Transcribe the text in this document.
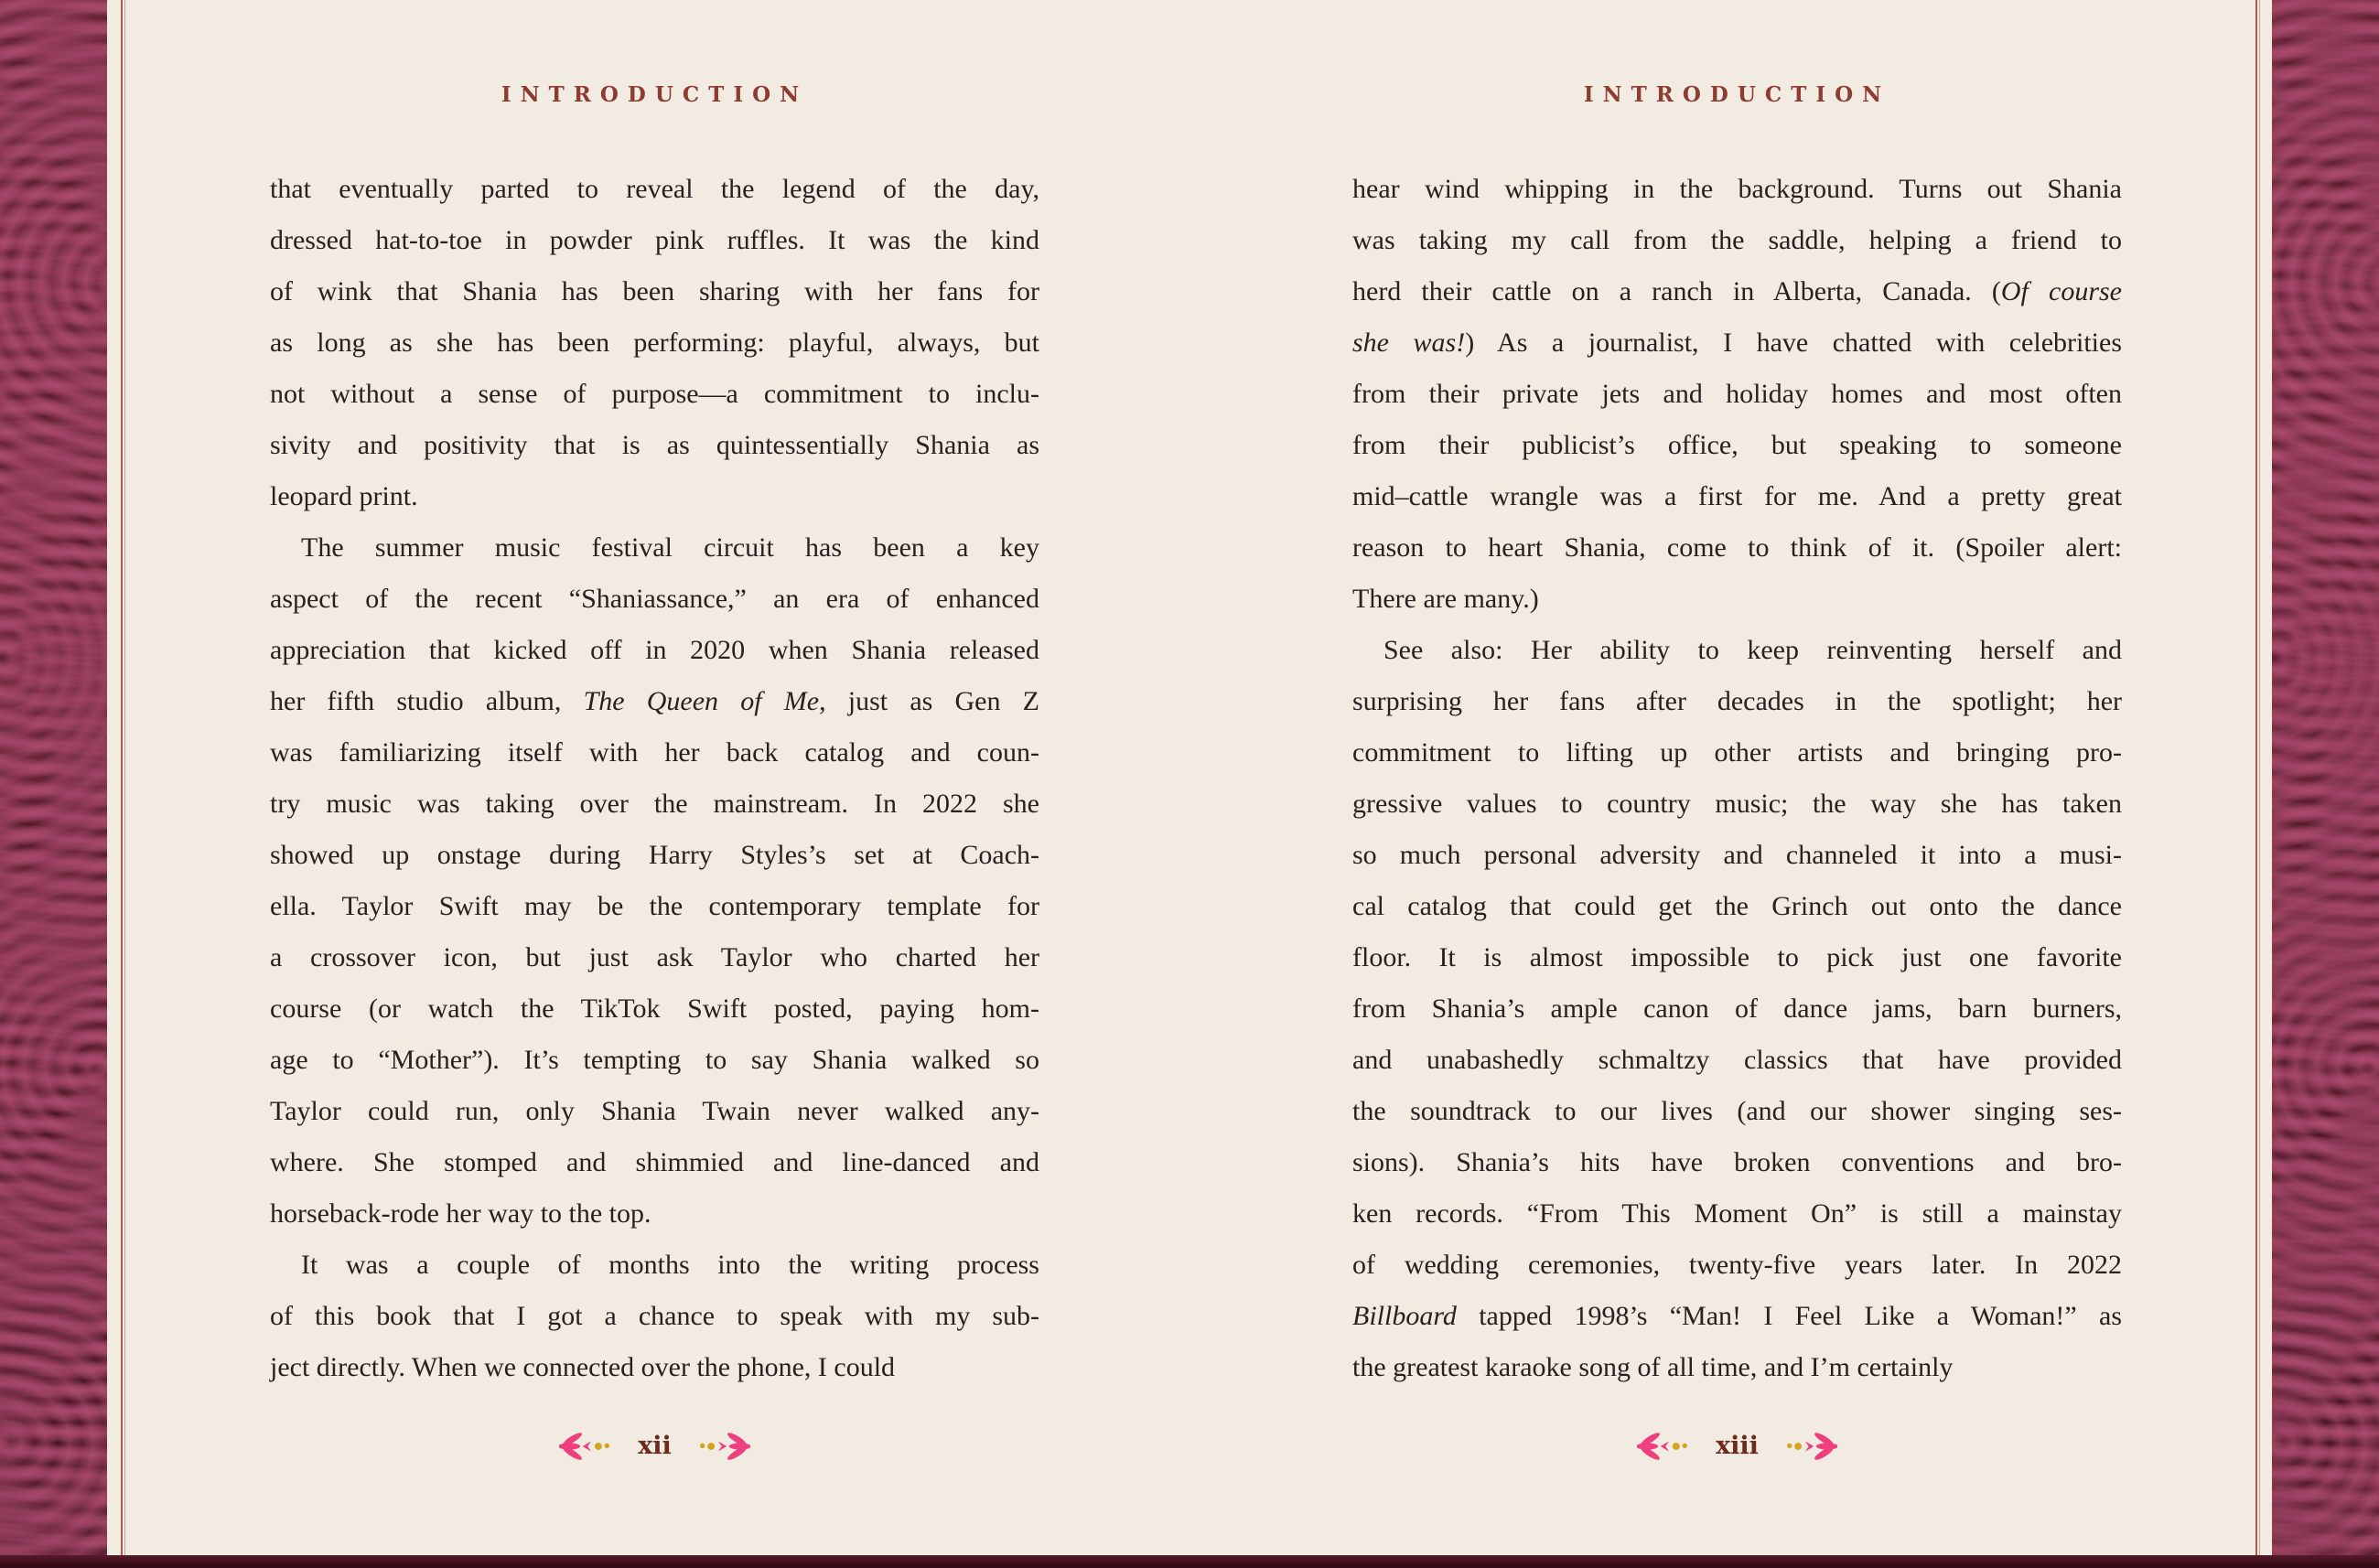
INTRODUCTION
that eventually parted to reveal the legend of the day,
dressed hat-to-toe in powder pink ruffles. It was the kind
of wink that Shania has been sharing with her fans for
as long as she has been performing: playful, always, but
not without a sense of purpose—a commitment to inclu-
sivity and positivity that is as quintessentially Shania as
leopard print.
The summer music festival circuit has been a key
aspect of the recent “Shaniassance,” an era of enhanced
appreciation that kicked off in 2020 when Shania released
her fifth studio album, The Queen of Me, just as Gen Z
was familiarizing itself with her back catalog and coun-
try music was taking over the mainstream. In 2022 she
showed up onstage during Harry Styles’s set at Coach-
ella. Taylor Swift may be the contemporary template for
a crossover icon, but just ask Taylor who charted her
course (or watch the TikTok Swift posted, paying hom-
age to “Mother”). It’s tempting to say Shania walked so
Taylor could run, only Shania Twain never walked any-
where. She stomped and shimmied and line-danced and
horseback-rode her way to the top.
It was a couple of months into the writing process
of this book that I got a chance to speak with my sub-
ject directly. When we connected over the phone, I could
xii
INTRODUCTION
hear wind whipping in the background. Turns out Shania
was taking my call from the saddle, helping a friend to
herd their cattle on a ranch in Alberta, Canada. (Of course
she was!) As a journalist, I have chatted with celebrities
from their private jets and holiday homes and most often
from their publicist’s office, but speaking to someone
mid–cattle wrangle was a first for me. And a pretty great
reason to heart Shania, come to think of it. (Spoiler alert:
There are many.)
See also: Her ability to keep reinventing herself and
surprising her fans after decades in the spotlight; her
commitment to lifting up other artists and bringing pro-
gressive values to country music; the way she has taken
so much personal adversity and channeled it into a musi-
cal catalog that could get the Grinch out onto the dance
floor. It is almost impossible to pick just one favorite
from Shania’s ample canon of dance jams, barn burners,
and unabashedly schmaltzy classics that have provided
the soundtrack to our lives (and our shower singing ses-
sions). Shania’s hits have broken conventions and bro-
ken records. “From This Moment On” is still a mainstay
of wedding ceremonies, twenty-five years later. In 2022
Billboard tapped 1998’s “Man! I Feel Like a Woman!” as
the greatest karaoke song of all time, and I’m certainly
xiii
